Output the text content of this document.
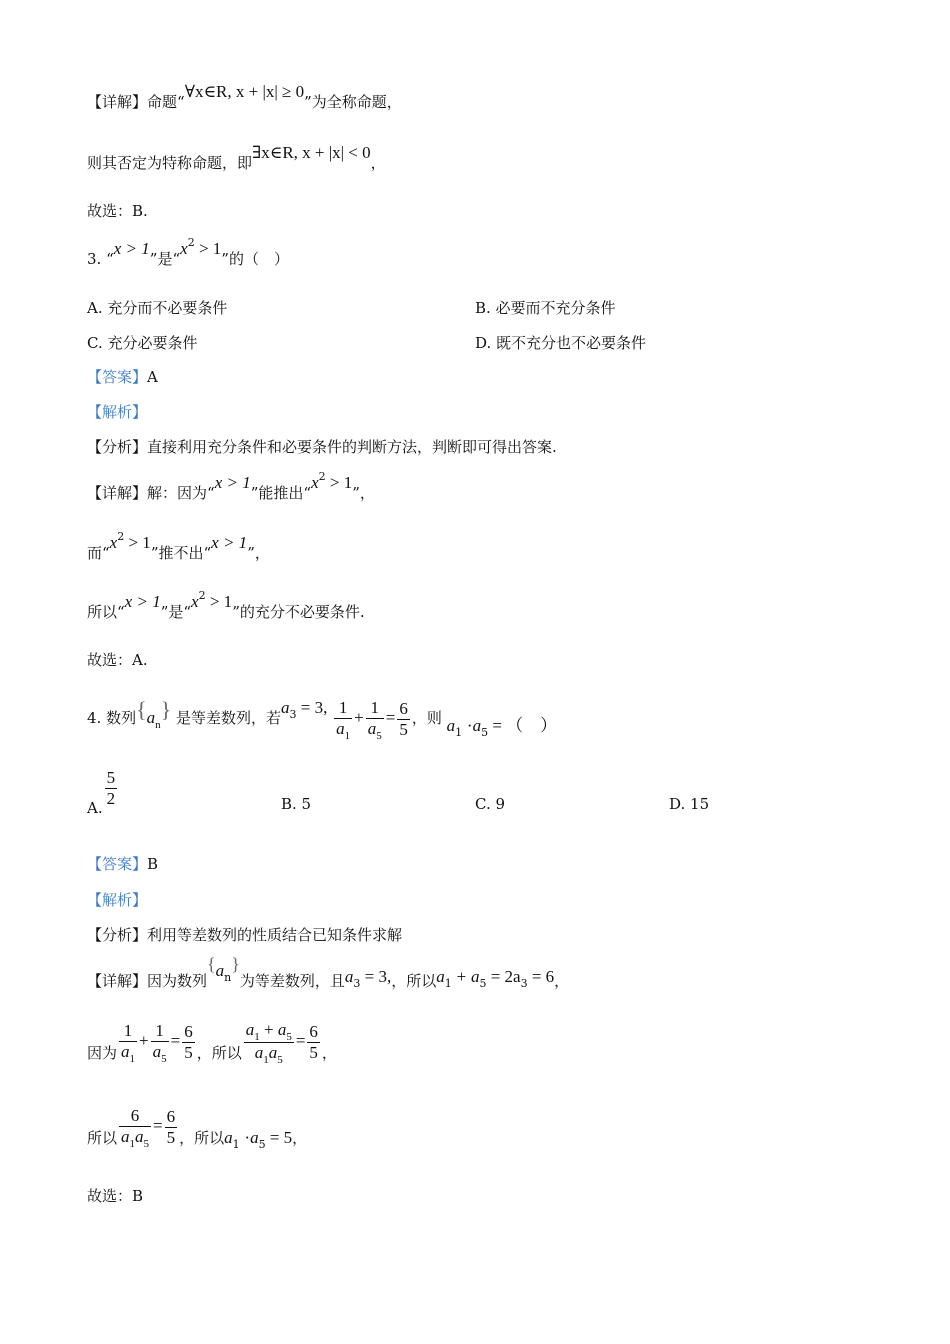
【详解】命题“∀x∈R, x + |x| ≥ 0”为全称命题，
则其否定为特称命题，即∃x∈R, x + |x| < 0，
故选：B.
3. “x > 1”是“$x^2 > 1$”的（　）
A. 充分而不必要条件	B. 必要而不充分条件
C. 充分必要条件	D. 既不充分也不必要条件
【答案】A
【解析】
【分析】直接利用充分条件和必要条件的判断方法，判断即可得出答案.
【详解】解：因为“x > 1”能推出“$x^2 > 1$”，
而“$x^2 > 1$”推不出“x > 1”，
所以“x > 1”是“$x^2 > 1$”的充分不必要条件.
故选：A.
4. 数列$\{a_n\}$ 是等差数列，若$a_3 = 3$, $\frac{1}{a_1} + \frac{1}{a_5} = \frac{6}{5}$ ，则 $a_1 \cdot a_5$ = （　）
A. $\frac{5}{2}$	B. 5	C. 9	D. 15
【答案】B
【解析】
【分析】利用等差数列的性质结合已知条件求解
【详解】因为数列$\{a_n\}$为等差数列，且$a_3 = 3$,，所以$a_1 + a_5 = 2a_3 = 6$，
因为 $\frac{1}{a_1} + \frac{1}{a_5} = \frac{6}{5}$ ，所以 $\frac{a_1 + a_5}{a_1a_5} = \frac{6}{5}$ ，
所以 $\frac{6}{a_1a_5} = \frac{6}{5}$ ，所以$a_1 \cdot a_5 = 5$，
故选：B
